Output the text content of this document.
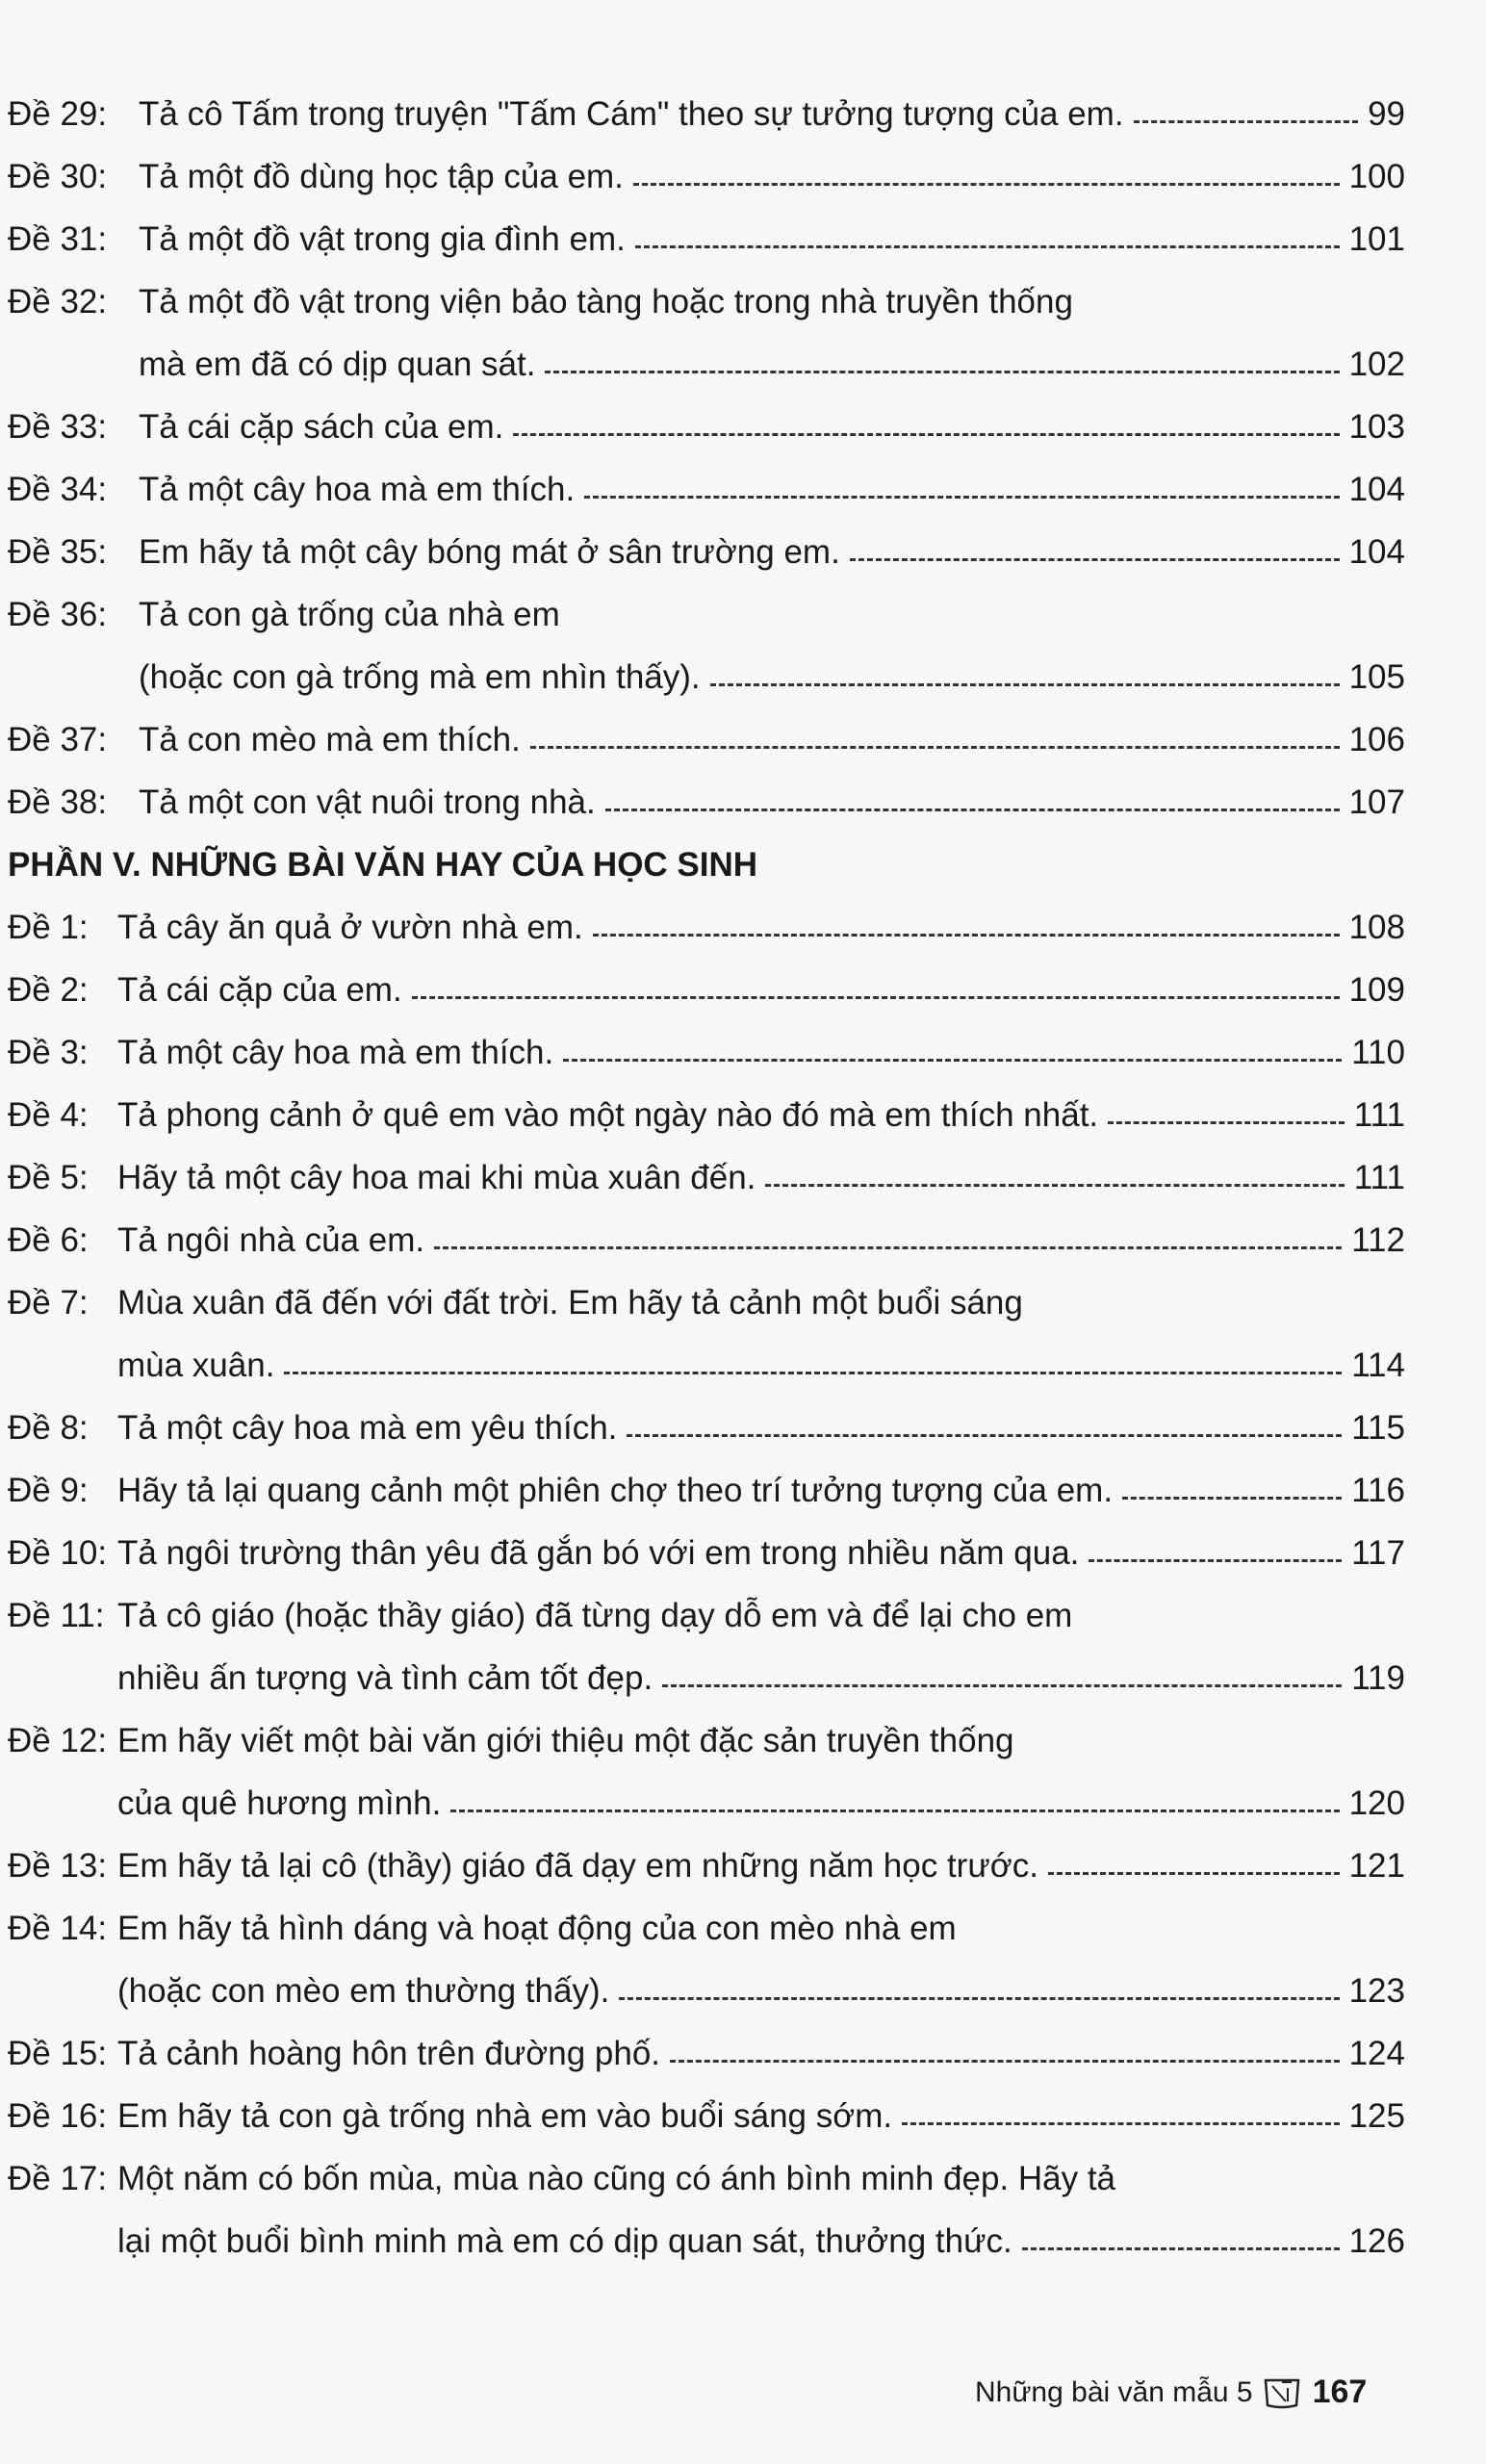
Đề 29: Tả cô Tấm trong truyện "Tấm Cám" theo sự tưởng tượng của em.	99
Đề 30: Tả một đồ dùng học tập của em.	100
Đề 31: Tả một đồ vật trong gia đình em.	101
Đề 32: Tả một đồ vật trong viện bảo tàng hoặc trong nhà truyền thống
mà em đã có dịp quan sát.	102
Đề 33: Tả cái cặp sách của em.	103
Đề 34: Tả một cây hoa mà em thích.	104
Đề 35: Em hãy tả một cây bóng mát ở sân trường em.	104
Đề 36: Tả con gà trống của nhà em
(hoặc con gà trống mà em nhìn thấy).	105
Đề 37: Tả con mèo mà em thích.	106
Đề 38: Tả một con vật nuôi trong nhà.	107
PHẦN V. NHỮNG BÀI VĂN HAY CỦA HỌC SINH
Đề 1: Tả cây ăn quả ở vườn nhà em.	108
Đề 2: Tả cái cặp của em.	109
Đề 3: Tả một cây hoa mà em thích.	110
Đề 4: Tả phong cảnh ở quê em vào một ngày nào đó mà em thích nhất.	111
Đề 5: Hãy tả một cây hoa mai khi mùa xuân đến.	111
Đề 6: Tả ngôi nhà của em.	112
Đề 7: Mùa xuân đã đến với đất trời. Em hãy tả cảnh một buổi sáng
mùa xuân.	114
Đề 8: Tả một cây hoa mà em yêu thích.	115
Đề 9: Hãy tả lại quang cảnh một phiên chợ theo trí tưởng tượng của em.	116
Đề 10: Tả ngôi trường thân yêu đã gắn bó với em trong nhiều năm qua.	117
Đề 11: Tả cô giáo (hoặc thầy giáo) đã từng dạy dỗ em và để lại cho em
nhiều ấn tượng và tình cảm tốt đẹp.	119
Đề 12: Em hãy viết một bài văn giới thiệu một đặc sản truyền thống
của quê hương mình.	120
Đề 13: Em hãy tả lại cô (thầy) giáo đã dạy em những năm học trước.	121
Đề 14: Em hãy tả hình dáng và hoạt động của con mèo nhà em
(hoặc con mèo em thường thấy).	123
Đề 15: Tả cảnh hoàng hôn trên đường phố.	124
Đề 16: Em hãy tả con gà trống nhà em vào buổi sáng sớm.	125
Đề 17: Một năm có bốn mùa, mùa nào cũng có ánh bình minh đẹp. Hãy tả
lại một buổi bình minh mà em có dịp quan sát, thưởng thức.	126
Những bài văn mẫu 5 167
